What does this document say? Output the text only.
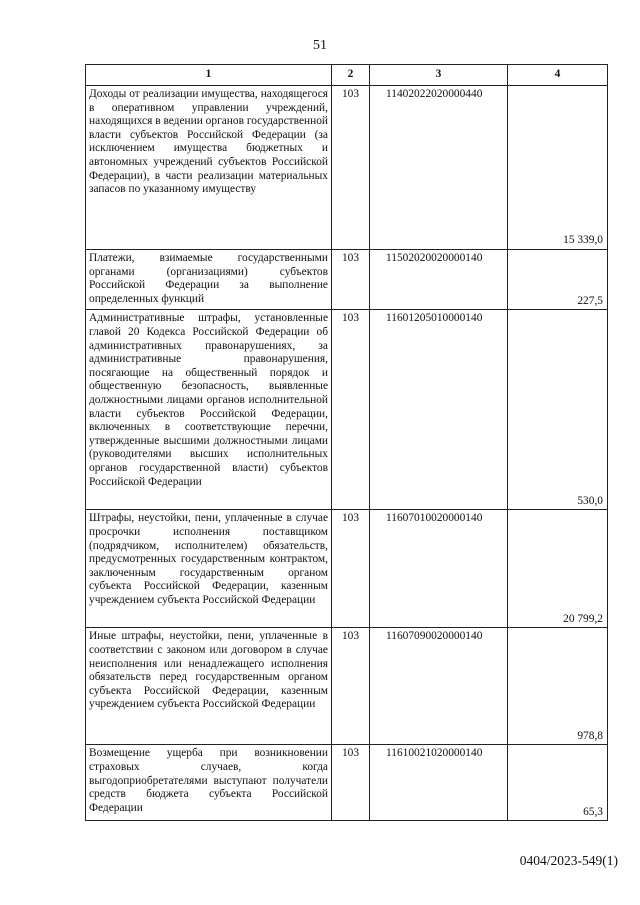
51
1	2	3	4
Доходы от реализации имущества, находящегося в оперативном управлении учреждений, находящихся в ведении органов государственной власти субъектов Российской Федерации (за исключением имущества бюджетных и автономных учреждений субъектов Российской Федерации), в части реализации материальных запасов по указанному имуществу	103	11402022020000440	15 339,0
Платежи, взимаемые государственными органами (организациями) субъектов Российской Федерации за выполнение определенных функций	103	11502020020000140	227,5
Административные штрафы, установленные главой 20 Кодекса Российской Федерации об административных правонарушениях, за административные правонарушения, посягающие на общественный порядок и общественную безопасность, выявленные должностными лицами органов исполнительной власти субъектов Российской Федерации, включенных в соответствующие перечни, утвержденные высшими должностными лицами (руководителями высших исполнительных органов государственной власти) субъектов Российской Федерации	103	11601205010000140	530,0
Штрафы, неустойки, пени, уплаченные в случае просрочки исполнения поставщиком (подрядчиком, исполнителем) обязательств, предусмотренных государственным контрактом, заключенным государственным органом субъекта Российской Федерации, казенным учреждением субъекта Российской Федерации	103	11607010020000140	20 799,2
Иные штрафы, неустойки, пени, уплаченные в соответствии с законом или договором в случае неисполнения или ненадлежащего исполнения обязательств перед государственным органом субъекта Российской Федерации, казенным учреждением субъекта Российской Федерации	103	11607090020000140	978,8
Возмещение ущерба при возникновении страховых случаев, когда выгодоприобретателями выступают получатели средств бюджета субъекта Российской Федерации	103	11610021020000140	65,3
0404/2023-549(1)
